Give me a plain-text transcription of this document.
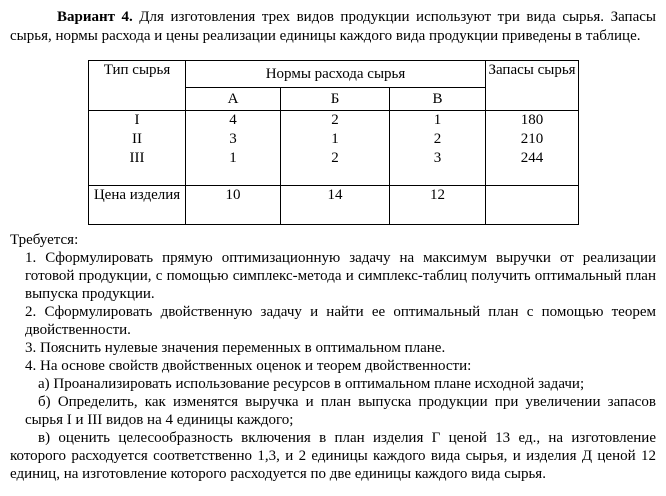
Вариант 4. Для изготовления трех видов продукции используют три вида сырья. Запасы сырья, нормы расхода и цены реализации единицы каждого вида продукции приведены в таблице.

Тип сырья	Нормы расхода сырья			Запасы сырья
	А	Б	В	
I	4	2	1	180
II	3	1	2	210
III	1	2	3	244
Цена изделия	10	14	12	

Требуется:

1. Сформулировать прямую оптимизационную задачу на максимум выручки от реализации готовой продукции, с помощью симплекс-метода и симплекс-таблиц получить оптимальный план выпуска продукции.

2. Сформулировать двойственную задачу и найти ее оптимальный план с помощью теорем двойственности.

3. Пояснить нулевые значения переменных в оптимальном плане.

4. На основе свойств двойственных оценок и теорем двойственности:

а) Проанализировать использование ресурсов в оптимальном плане исходной задачи;

б) Определить, как изменятся выручка и план выпуска продукции при увеличении запасов сырья I и III видов на 4 единицы каждого;

в) оценить целесообразность включения в план изделия Г ценой 13 ед., на изготовление которого расходуется соответственно 1,3, и 2 единицы каждого вида сырья, и изделия Д ценой 12 единиц, на изготовление которого расходуется по две единицы каждого вида сырья.
